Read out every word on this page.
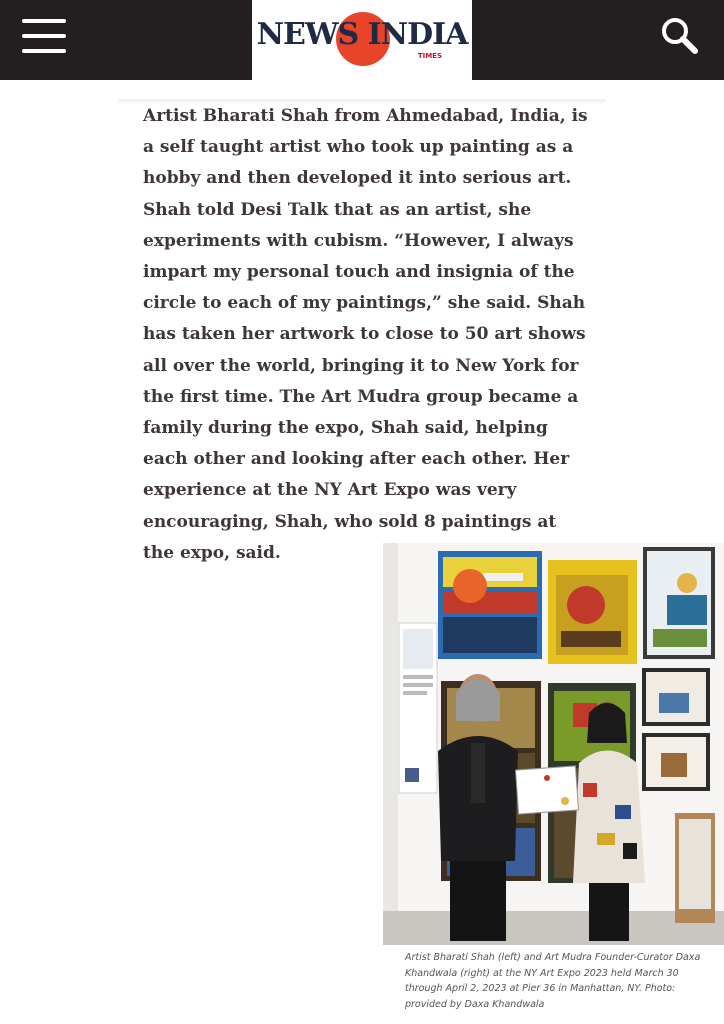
NEWS INDIA
TIMES

Artist Bharati Shah from Ahmedabad, India, is
a self taught artist who took up painting as a
hobby and then developed it into serious art.
Shah told Desi Talk that as an artist, she
experiments with cubism. “However, I always
impart my personal touch and insignia of the
circle to each of my paintings,” she said. Shah
has taken her artwork to close to 50 art shows
all over the world, bringing it to New York for
the first time. The Art Mudra group became a
family during the expo, Shah said, helping
each other and looking after each other. Her
experience at the NY Art Expo was very
encouraging, Shah, who sold 8 paintings at
the expo, said.

Artist Bharati Shah (left) and Art Mudra Founder-Curator Daxa Khandwala (right) at the NY Art Expo 2023 held March 30 through April 2, 2023 at Pier 36 in Manhattan, NY. Photo: provided by Daxa Khandwala
